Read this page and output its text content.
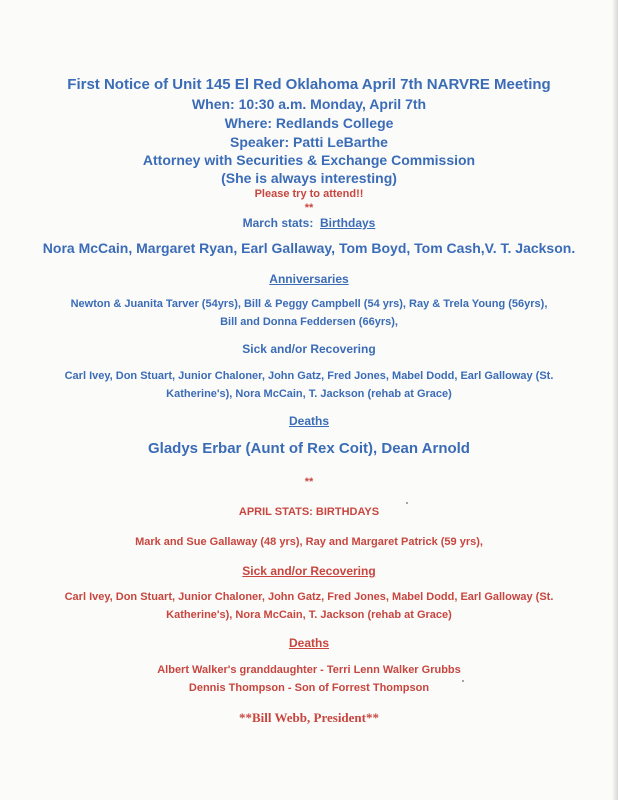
First Notice of Unit 145 El Red Oklahoma April 7th NARVRE Meeting
When: 10:30 a.m. Monday, April 7th
Where: Redlands College
Speaker: Patti LeBarthe
Attorney with Securities & Exchange Commission
(She is always interesting)
Please try to attend!!
**
March stats: Birthdays
Nora McCain, Margaret Ryan, Earl Gallaway, Tom Boyd, Tom Cash,V. T. Jackson.
Anniversaries
Newton & Juanita Tarver (54yrs), Bill & Peggy Campbell (54 yrs), Ray & Trela Young (56yrs),
Bill and Donna Feddersen (66yrs),
Sick and/or Recovering
Carl Ivey, Don Stuart, Junior Chaloner, John Gatz, Fred Jones, Mabel Dodd, Earl Galloway (St.
Katherine's), Nora McCain, T. Jackson (rehab at Grace)
Deaths
Gladys Erbar (Aunt of Rex Coit), Dean Arnold
**
APRIL STATS: BIRTHDAYS
Mark and Sue Gallaway (48 yrs), Ray and Margaret Patrick (59 yrs),
Sick and/or Recovering
Carl Ivey, Don Stuart, Junior Chaloner, John Gatz, Fred Jones, Mabel Dodd, Earl Galloway (St.
Katherine's), Nora McCain, T. Jackson (rehab at Grace)
Deaths
Albert Walker's granddaughter - Terri Lenn Walker Grubbs
Dennis Thompson - Son of Forrest Thompson
**Bill Webb, President**
